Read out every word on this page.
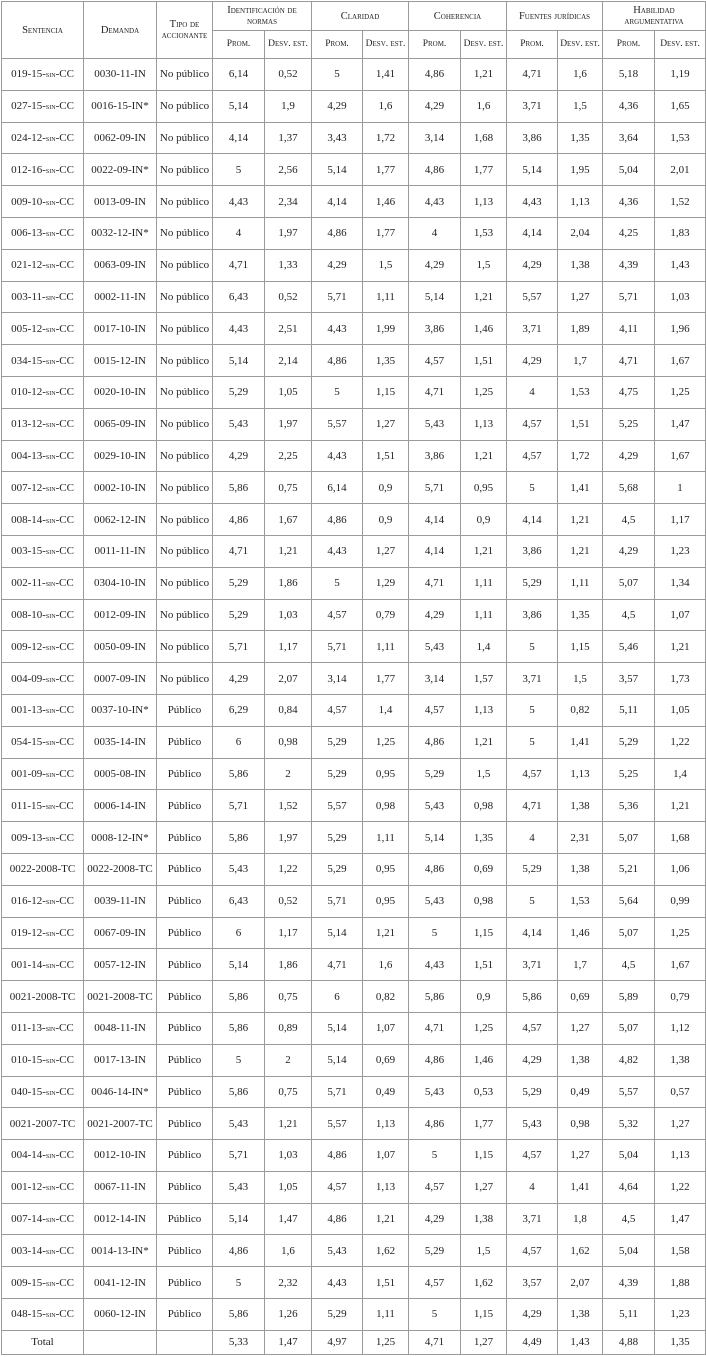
Sentencia	Demanda	Tipo de accionante	Identificación de normas		Claridad		Coherencia		Fuentes jurídicas		Habilidad argumentativa	
			Prom.	Desv. est.	Prom.	Desv. est.	Prom.	Desv. est.	Prom.	Desv. est.	Prom.	Desv. est.
019-15-sin-CC	0030-11-IN	No público	6,14	0,52	5	1,41	4,86	1,21	4,71	1,6	5,18	1,19
027-15-sin-CC	0016-15-IN*	No público	5,14	1,9	4,29	1,6	4,29	1,6	3,71	1,5	4,36	1,65
024-12-sin-CC	0062-09-IN	No público	4,14	1,37	3,43	1,72	3,14	1,68	3,86	1,35	3,64	1,53
012-16-sin-CC	0022-09-IN*	No público	5	2,56	5,14	1,77	4,86	1,77	5,14	1,95	5,04	2,01
009-10-sin-CC	0013-09-IN	No público	4,43	2,34	4,14	1,46	4,43	1,13	4,43	1,13	4,36	1,52
006-13-sin-CC	0032-12-IN*	No público	4	1,97	4,86	1,77	4	1,53	4,14	2,04	4,25	1,83
021-12-sin-CC	0063-09-IN	No público	4,71	1,33	4,29	1,5	4,29	1,5	4,29	1,38	4,39	1,43
003-11-sin-CC	0002-11-IN	No público	6,43	0,52	5,71	1,11	5,14	1,21	5,57	1,27	5,71	1,03
005-12-sin-CC	0017-10-IN	No público	4,43	2,51	4,43	1,99	3,86	1,46	3,71	1,89	4,11	1,96
034-15-sin-CC	0015-12-IN	No público	5,14	2,14	4,86	1,35	4,57	1,51	4,29	1,7	4,71	1,67
010-12-sin-CC	0020-10-IN	No público	5,29	1,05	5	1,15	4,71	1,25	4	1,53	4,75	1,25
013-12-sin-CC	0065-09-IN	No público	5,43	1,97	5,57	1,27	5,43	1,13	4,57	1,51	5,25	1,47
004-13-sin-CC	0029-10-IN	No público	4,29	2,25	4,43	1,51	3,86	1,21	4,57	1,72	4,29	1,67
007-12-sin-CC	0002-10-IN	No público	5,86	0,75	6,14	0,9	5,71	0,95	5	1,41	5,68	1
008-14-sin-CC	0062-12-IN	No público	4,86	1,67	4,86	0,9	4,14	0,9	4,14	1,21	4,5	1,17
003-15-sin-CC	0011-11-IN	No público	4,71	1,21	4,43	1,27	4,14	1,21	3,86	1,21	4,29	1,23
002-11-sin-CC	0304-10-IN	No público	5,29	1,86	5	1,29	4,71	1,11	5,29	1,11	5,07	1,34
008-10-sin-CC	0012-09-IN	No público	5,29	1,03	4,57	0,79	4,29	1,11	3,86	1,35	4,5	1,07
009-12-sin-CC	0050-09-IN	No público	5,71	1,17	5,71	1,11	5,43	1,4	5	1,15	5,46	1,21
004-09-sin-CC	0007-09-IN	No público	4,29	2,07	3,14	1,77	3,14	1,57	3,71	1,5	3,57	1,73
001-13-sin-CC	0037-10-IN*	Público	6,29	0,84	4,57	1,4	4,57	1,13	5	0,82	5,11	1,05
054-15-sin-CC	0035-14-IN	Público	6	0,98	5,29	1,25	4,86	1,21	5	1,41	5,29	1,22
001-09-sin-CC	0005-08-IN	Público	5,86	2	5,29	0,95	5,29	1,5	4,57	1,13	5,25	1,4
011-15-sin-CC	0006-14-IN	Público	5,71	1,52	5,57	0,98	5,43	0,98	4,71	1,38	5,36	1,21
009-13-sin-CC	0008-12-IN*	Público	5,86	1,97	5,29	1,11	5,14	1,35	4	2,31	5,07	1,68
0022-2008-TC	0022-2008-TC	Público	5,43	1,22	5,29	0,95	4,86	0,69	5,29	1,38	5,21	1,06
016-12-sin-CC	0039-11-IN	Público	6,43	0,52	5,71	0,95	5,43	0,98	5	1,53	5,64	0,99
019-12-sin-CC	0067-09-IN	Público	6	1,17	5,14	1,21	5	1,15	4,14	1,46	5,07	1,25
001-14-sin-CC	0057-12-IN	Público	5,14	1,86	4,71	1,6	4,43	1,51	3,71	1,7	4,5	1,67
0021-2008-TC	0021-2008-TC	Público	5,86	0,75	6	0,82	5,86	0,9	5,86	0,69	5,89	0,79
011-13-sin-CC	0048-11-IN	Público	5,86	0,89	5,14	1,07	4,71	1,25	4,57	1,27	5,07	1,12
010-15-sin-CC	0017-13-IN	Público	5	2	5,14	0,69	4,86	1,46	4,29	1,38	4,82	1,38
040-15-sin-CC	0046-14-IN*	Público	5,86	0,75	5,71	0,49	5,43	0,53	5,29	0,49	5,57	0,57
0021-2007-TC	0021-2007-TC	Público	5,43	1,21	5,57	1,13	4,86	1,77	5,43	0,98	5,32	1,27
004-14-sin-CC	0012-10-IN	Público	5,71	1,03	4,86	1,07	5	1,15	4,57	1,27	5,04	1,13
001-12-sin-CC	0067-11-IN	Público	5,43	1,05	4,57	1,13	4,57	1,27	4	1,41	4,64	1,22
007-14-sin-CC	0012-14-IN	Público	5,14	1,47	4,86	1,21	4,29	1,38	3,71	1,8	4,5	1,47
003-14-sin-CC	0014-13-IN*	Público	4,86	1,6	5,43	1,62	5,29	1,5	4,57	1,62	5,04	1,58
009-15-sin-CC	0041-12-IN	Público	5	2,32	4,43	1,51	4,57	1,62	3,57	2,07	4,39	1,88
048-15-sin-CC	0060-12-IN	Público	5,86	1,26	5,29	1,11	5	1,15	4,29	1,38	5,11	1,23
Total			5,33	1,47	4,97	1,25	4,71	1,27	4,49	1,43	4,88	1,35
